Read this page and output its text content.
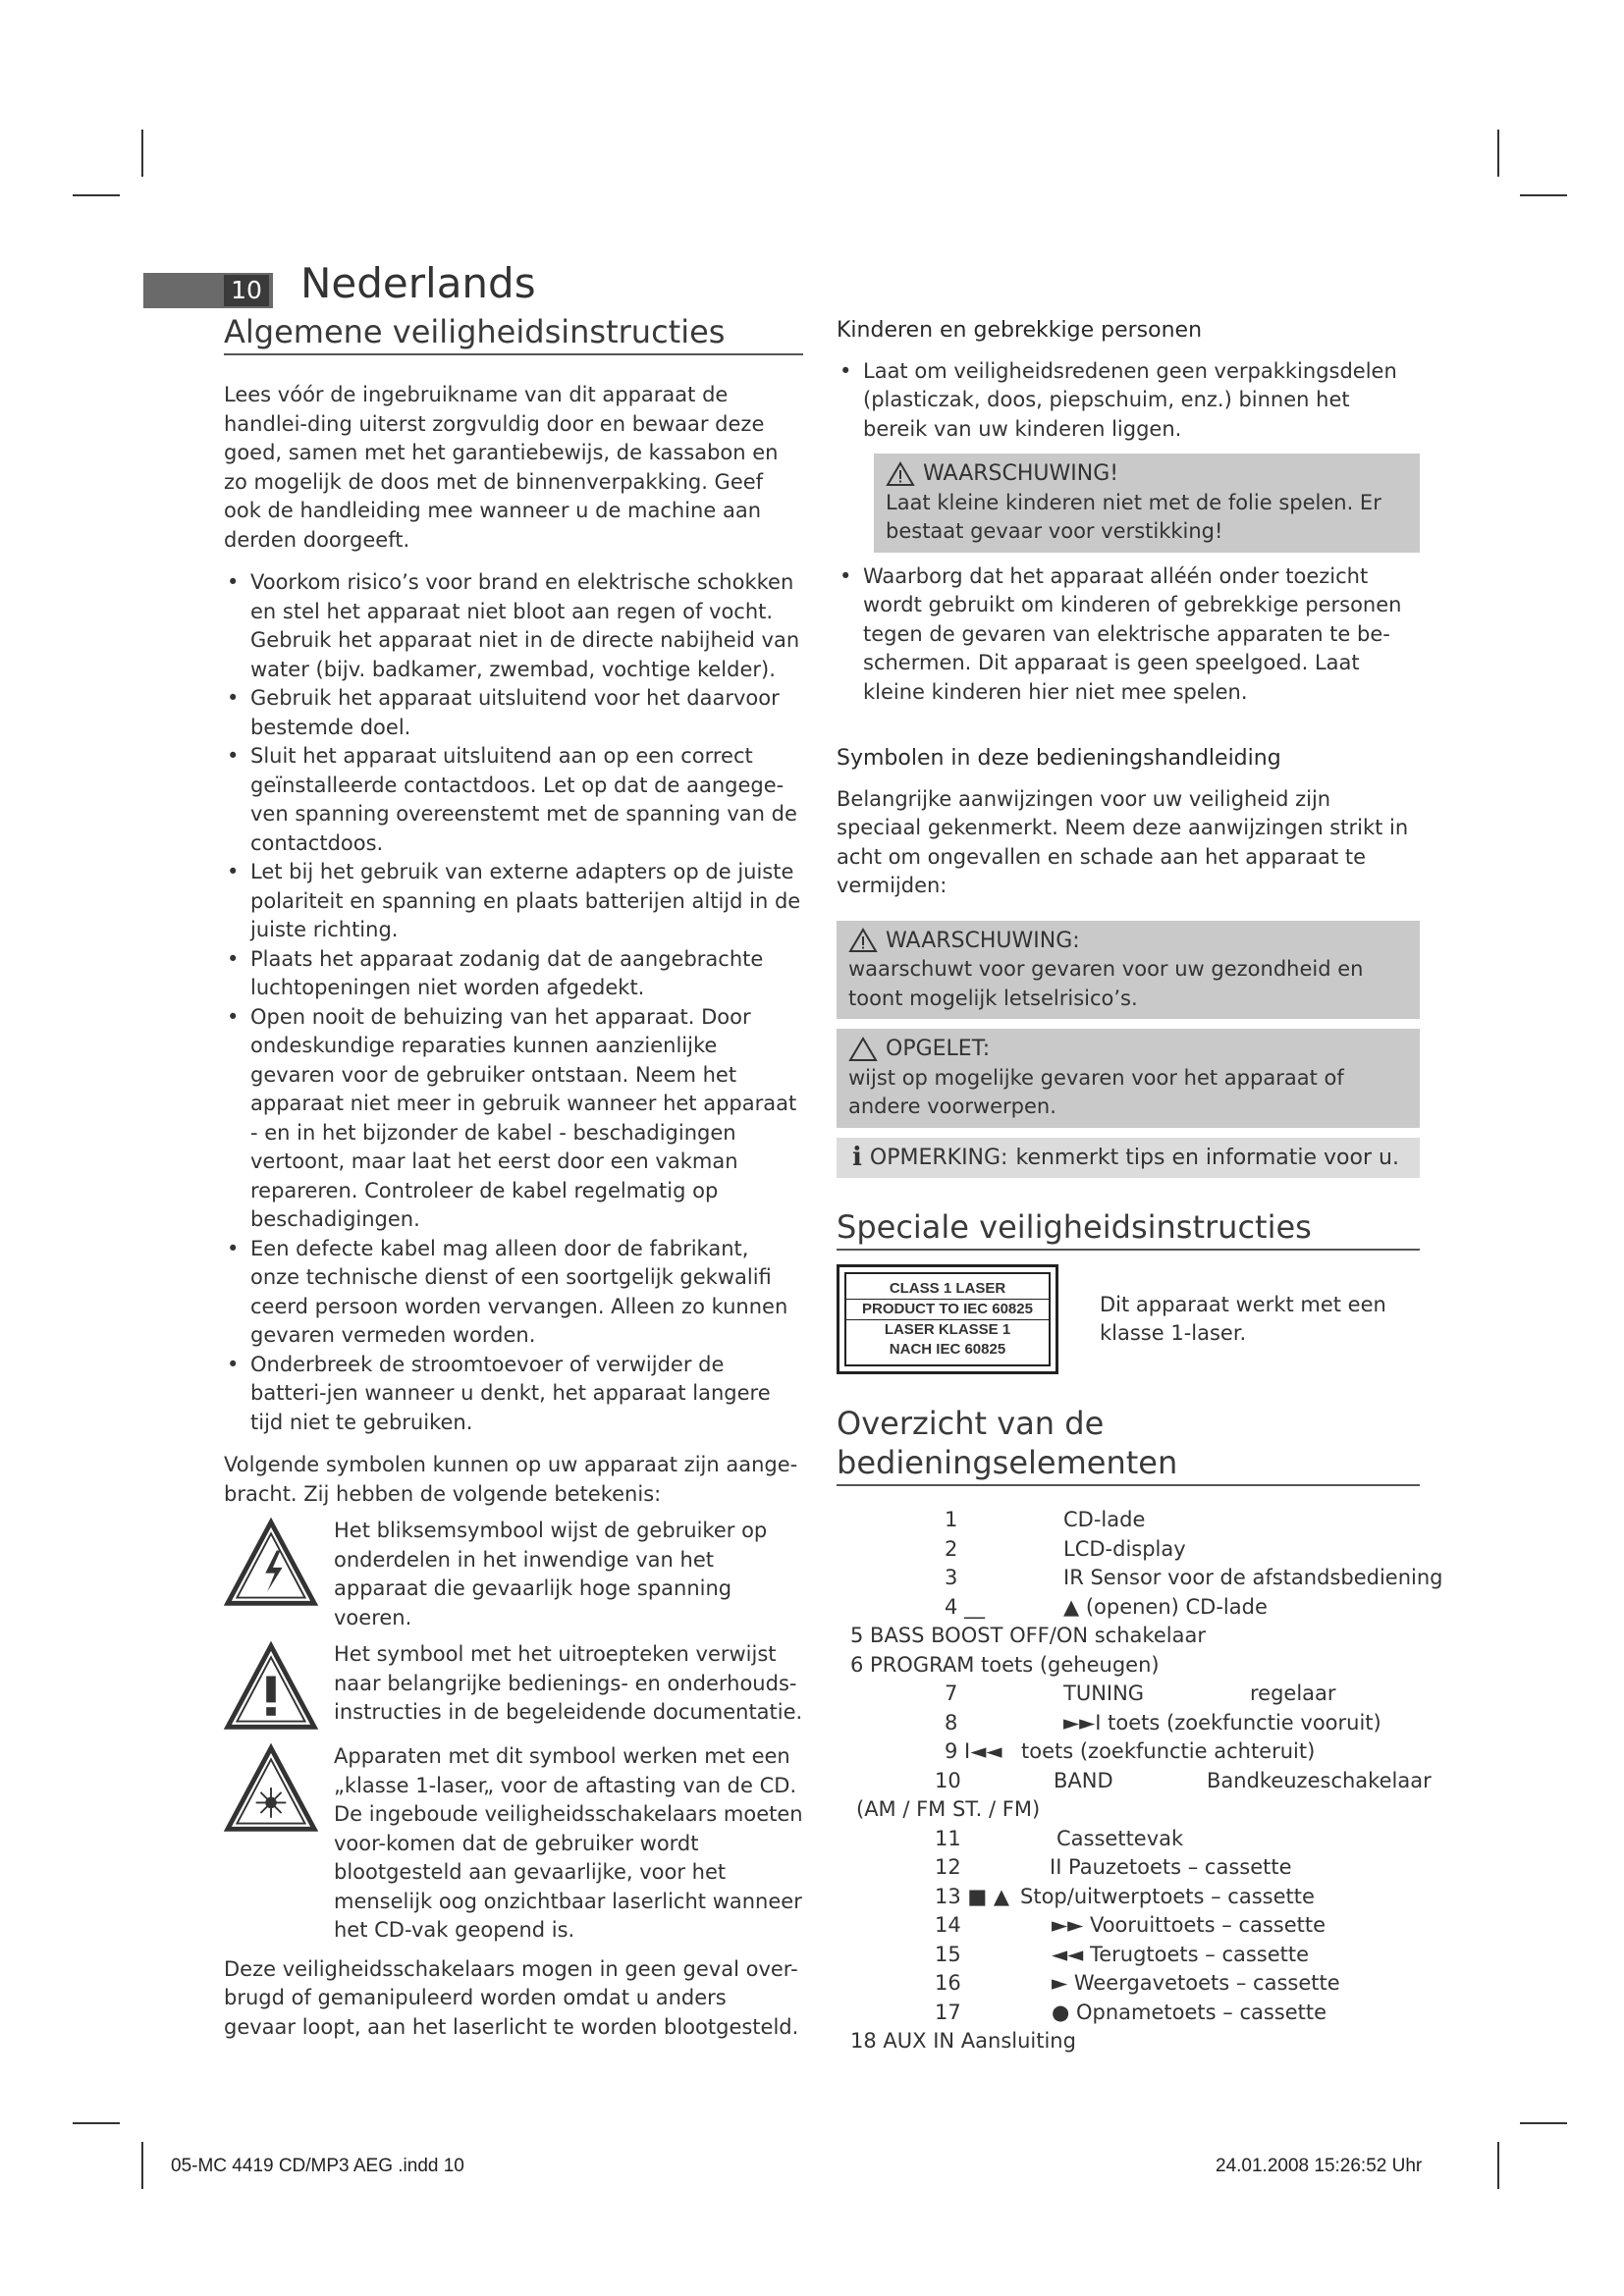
10 Nederlands
Algemene veiligheidsinstructies

Lees vóór de ingebruikname van dit apparaat de handlei-ding uiterst zorgvuldig door en bewaar deze goed, samen met het garantiebewijs, de kassabon en zo mogelijk de doos met de binnenverpakking. Geef ook de handleiding mee wanneer u de machine aan derden doorgeeft.

• Voorkom risico’s voor brand en elektrische schokken en stel het apparaat niet bloot aan regen of vocht. Gebruik het apparaat niet in de directe nabijheid van water (bijv. badkamer, zwembad, vochtige kelder).
• Gebruik het apparaat uitsluitend voor het daarvoor bestemde doel.
• Sluit het apparaat uitsluitend aan op een correct geïnstalleerde contactdoos. Let op dat de aangege-ven spanning overeenstemt met de spanning van de contactdoos.
• Let bij het gebruik van externe adapters op de juiste polariteit en spanning en plaats batterijen altijd in de juiste richting.
• Plaats het apparaat zodanig dat de aangebrachte luchtopeningen niet worden afgedekt.
• Open nooit de behuizing van het apparaat. Door ondeskundige reparaties kunnen aanzienlijke gevaren voor de gebruiker ontstaan. Neem het apparaat niet meer in gebruik wanneer het apparaat - en in het bijzonder de kabel - beschadigingen vertoont, maar laat het eerst door een vakman repareren. Controleer de kabel regelmatig op beschadigingen.
• Een defecte kabel mag alleen door de fabrikant, onze technische dienst of een soortgelijk gekwalifi ceerd persoon worden vervangen. Alleen zo kunnen gevaren vermeden worden.
• Onderbreek de stroomtoevoer of verwijder de batteri-jen wanneer u denkt, het apparaat langere tijd niet te gebruiken.

Volgende symbolen kunnen op uw apparaat zijn aange-bracht. Zij hebben de volgende betekenis:

Het bliksemsymbool wijst de gebruiker op onderdelen in het inwendige van het apparaat die gevaarlijk hoge spanning voeren.
Het symbool met het uitroepteken verwijst naar belangrijke bedienings- en onderhouds-instructies in de begeleidende documentatie.
Apparaten met dit symbool werken met een „klasse 1-laser„ voor de aftasting van de CD. De ingeboude veiligheidsschakelaars moeten voor-komen dat de gebruiker wordt blootgesteld aan gevaarlijke, voor het menselijk oog onzichtbaar laserlicht wanneer het CD-vak geopend is.

Deze veiligheidsschakelaars mogen in geen geval over-brugd of gemanipuleerd worden omdat u anders gevaar loopt, aan het laserlicht te worden blootgesteld.

Kinderen en gebrekkige personen
• Laat om veiligheidsredenen geen verpakkingsdelen (plasticzak, doos, piepschuim, enz.) binnen het bereik van uw kinderen liggen.
WAARSCHUWING!
Laat kleine kinderen niet met de folie spelen. Er bestaat gevaar voor verstikking!
• Waarborg dat het apparaat alléén onder toezicht wordt gebruikt om kinderen of gebrekkige personen tegen de gevaren van elektrische apparaten te be-schermen. Dit apparaat is geen speelgoed. Laat kleine kinderen hier niet mee spelen.
Symbolen in deze bedieningshandleiding

Belangrijke aanwijzingen voor uw veiligheid zijn speciaal gekenmerkt. Neem deze aanwijzingen strikt in acht om ongevallen en schade aan het apparaat te vermijden:

WAARSCHUWING:
waarschuwt voor gevaren voor uw gezondheid en toont mogelijk letselrisico’s.
OPGELET:
wijst op mogelijke gevaren voor het apparaat of andere voorwerpen.
i OPMERKING: kenmerkt tips en informatie voor u.
Speciale veiligheidsinstructies
CLASS 1 LASER
PRODUCT TO IEC 60825
LASER KLASSE 1
NACH IEC 60825
Dit apparaat werkt met een klasse 1-laser.
Overzicht van de bedieningselementen
1	CD-lade
2	LCD-display
3	IR Sensor voor de afstandsbediening
4 __	▲ (openen) CD-lade
5 BASS BOOST OFF/ON schakelaar
6 PROGRAM toets (geheugen)
7	TUNING	regelaar
8	►►I toets (zoekfunctie vooruit)
9 I◄◄ toets (zoekfunctie achteruit)
10	BAND	Bandkeuzeschakelaar
(AM / FM ST. / FM)
11	Cassettevak
12	II Pauzetoets – cassette
13 ■ ▲ Stop/uitwerptoets – cassette
14	►► Vooruittoets – cassette
15	◄◄ Terugtoets – cassette
16	► Weergavetoets – cassette
17	● Opnametoets – cassette
18 AUX IN Aansluiting
05-MC 4419 CD/MP3 AEG .indd 10	24.01.2008 15:26:52 Uhr
